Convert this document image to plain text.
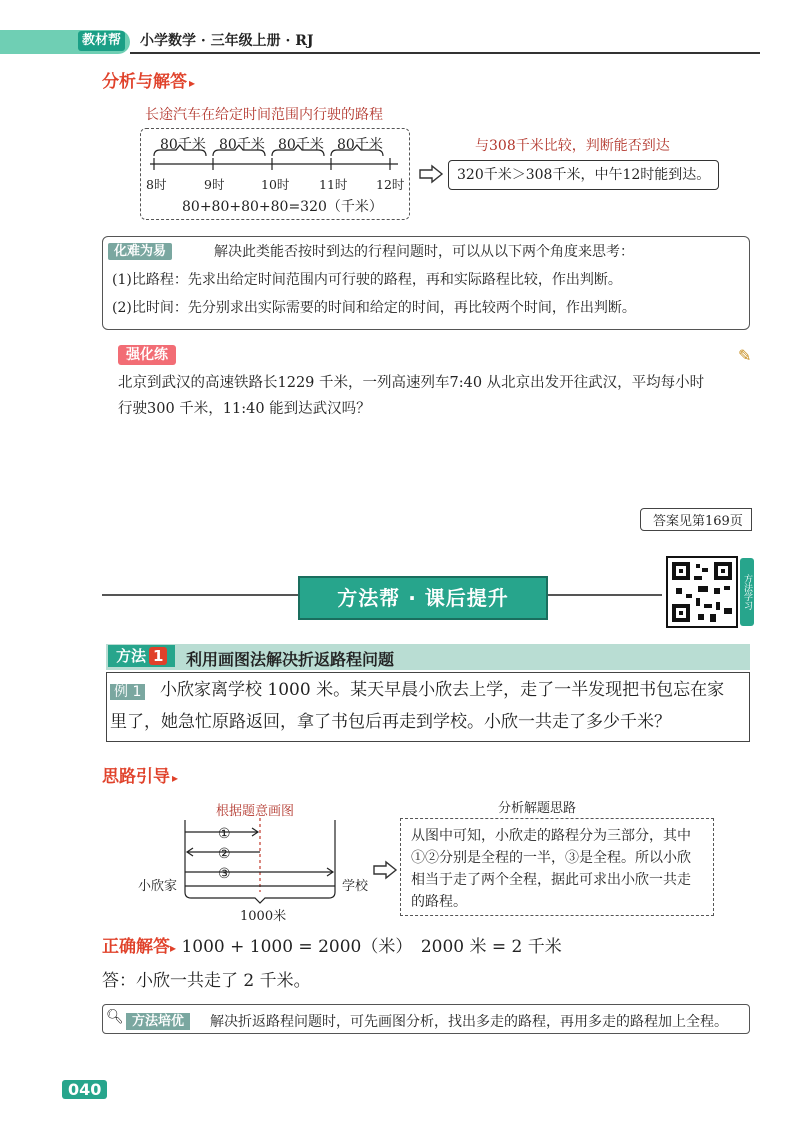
教材帮 小学数学 · 三年级上册 · RJ
分析与解答 ▸
长途汽车在给定时间范围内行驶的路程
80千米 80千米 80千米 80千米
8时	9时	10时 11时 12时
80+80+80+80=320（千米）
与308千米比较，判断能否到达
320千米＞308千米，中午12时能到达。
化难为易	解决此类能否按时到达的行程问题时，可以从以下两个角度来思考：
(1)比路程：先求出给定时间范围内可行驶的路程，再和实际路程比较，作出判断。
(2)比时间：先分别求出实际需要的时间和给定的时间，再比较两个时间，作出判断。
强化练	✎
北京到武汉的高速铁路长1229 千米，一列高速列车7:40 从北京出发开往武汉，平均每小时
行驶300 千米，11:40 能到达武汉吗？
答案见第169页
方法帮 · 课后提升	方法学习
方法 1	利用画图法解决折返路程问题
例 1 小欣家离学校 1000 米。某天早晨小欣去上学，走了一半发现把书包忘在家
里了，她急忙原路返回，拿了书包后再走到学校。小欣一共走了多少千米？
思路引导 ▸
根据题意画图
①
②
③
小欣家	学校
1000米
分析解题思路
从图中可知，小欣走的路程分为三部分，其中①②分别是全程的一半，③是全程。所以小欣相当于走了两个全程，据此可求出小欣一共走的路程。
正确解答▸ 1000 + 1000 = 2000（米）　2000 米 = 2 千米
答：小欣一共走了 2 千米。
🔍︎ 方法培优	解决折返路程问题时，可先画图分析，找出多走的路程，再用多走的路程加上全程。
040
